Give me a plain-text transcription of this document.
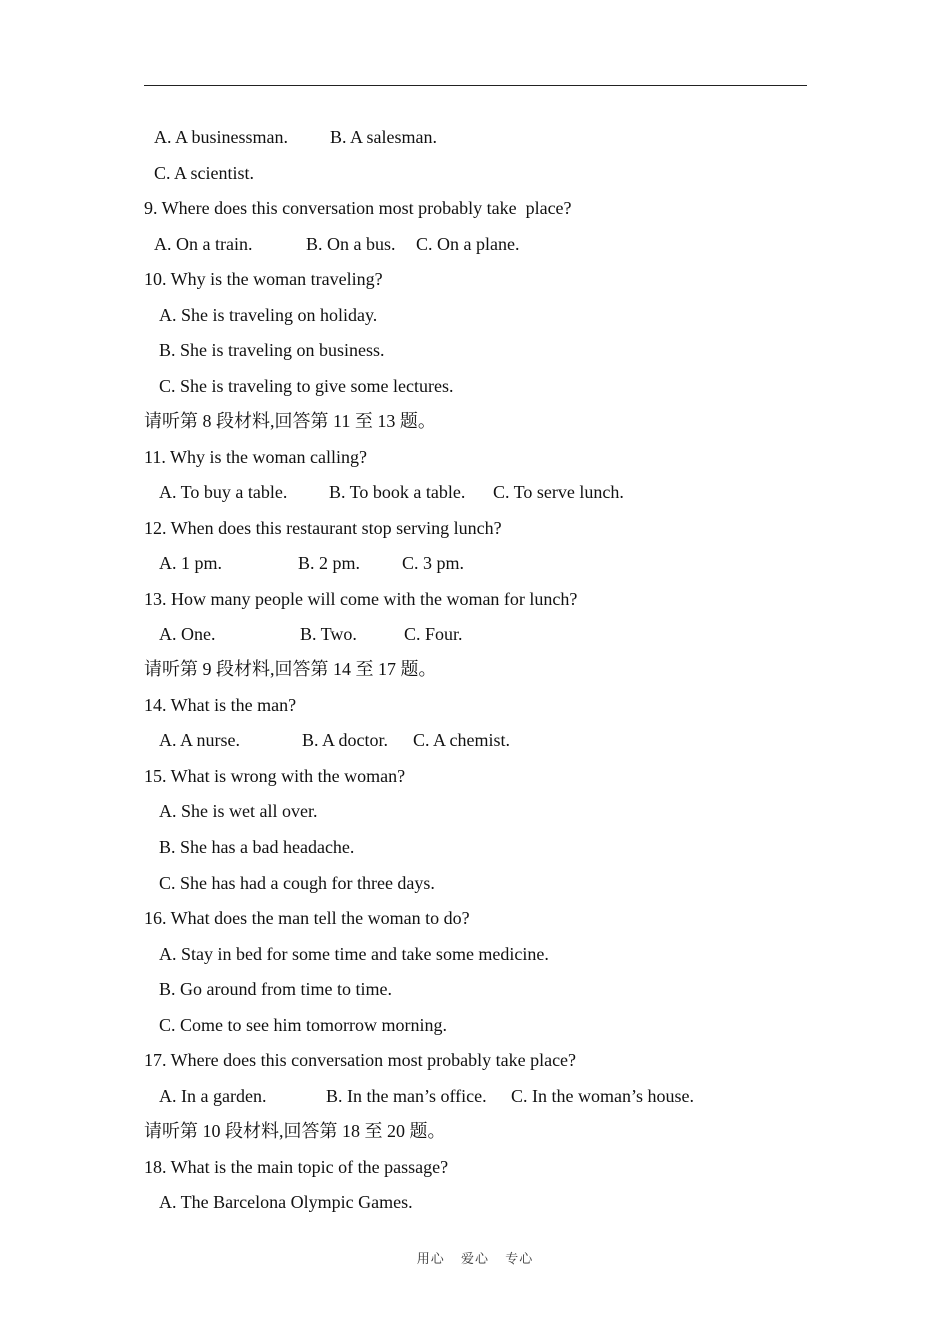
A. A businessman. B. A salesman.
C. A scientist.
9. Where does this conversation most probably take  place?
A. On a train.	B. On a bus. C. On a plane.
10. Why is the woman traveling?
A. She is traveling on holiday.
B. She is traveling on business.
C. She is traveling to give some lectures.
请听第 8 段材料,回答第 11 至 13 题。
11. Why is the woman calling?
A. To buy a table. B. To book a table. C. To serve lunch.
12. When does this restaurant stop serving lunch?
A. 1 pm.	B. 2 pm. C. 3 pm.
13. How many people will come with the woman for lunch?
A. One.	B. Two.	C. Four.
请听第 9 段材料,回答第 14 至 17 题。
14. What is the man?
A. A nurse.	B. A doctor. C. A chemist.
15. What is wrong with the woman?
A. She is wet all over.
B. She has a bad headache.
C. She has had a cough for three days.
16. What does the man tell the woman to do?
A. Stay in bed for some time and take some medicine.
B. Go around from time to time.
C. Come to see him tomorrow morning.
17. Where does this conversation most probably take place?
A. In a garden.	B. In the man’s office. C. In the woman’s house.
请听第 10 段材料,回答第 18 至 20 题。
18. What is the main topic of the passage?
A. The Barcelona Olympic Games.
用心 爱心 专心
